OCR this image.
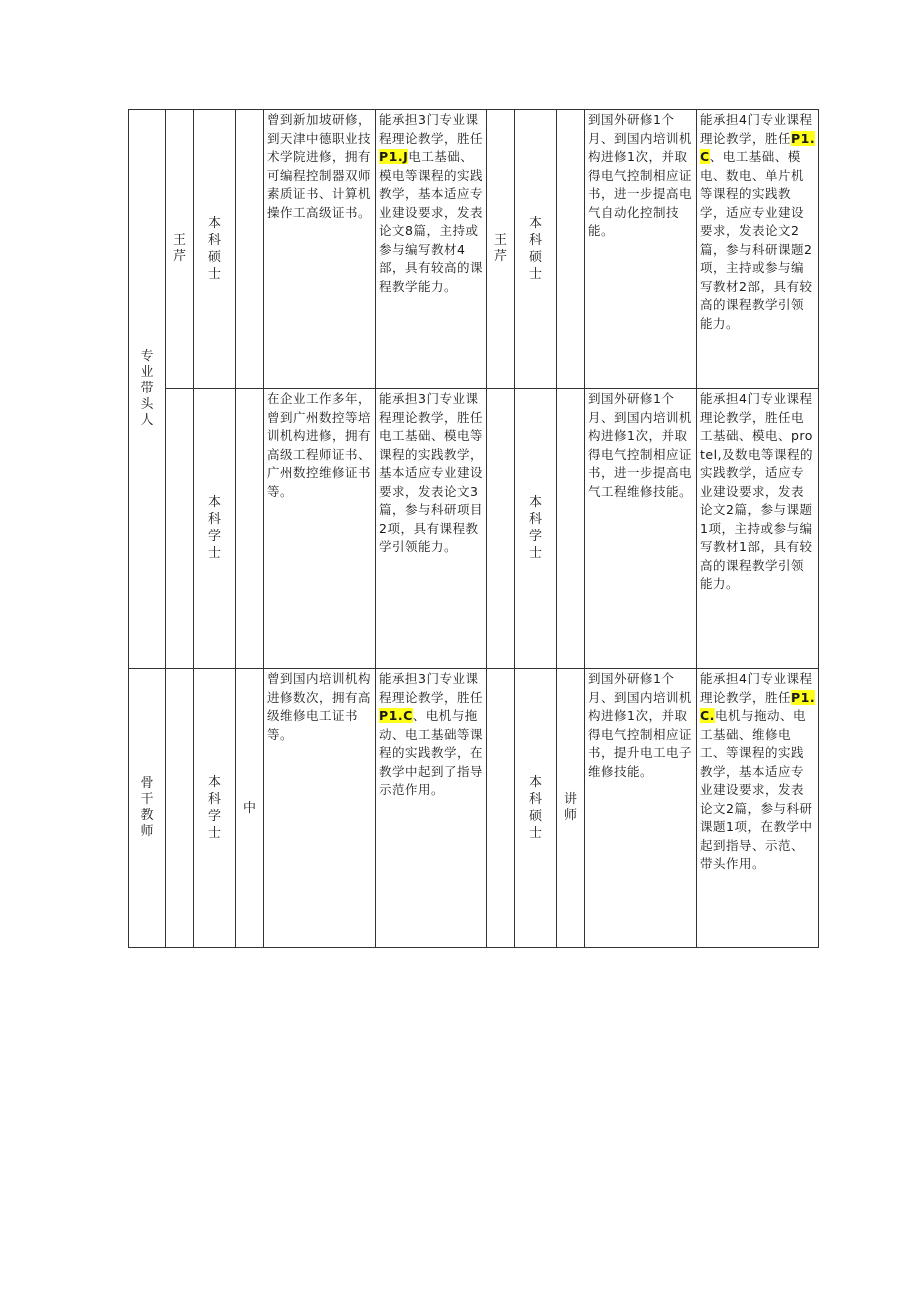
专业带头人	王芹	本科硕士		曾到新加坡研修，到天津中德职业技术学院进修，拥有可编程控制器双师素质证书、计算机操作工高级证书。	能承担3门专业课程理论教学，胜任P1.J电工基础、模电等课程的实践教学，基本适应专业建设要求，发表论文8篇，主持或参与编写教材4部，具有较高的课程教学能力。	王芹	本科硕士		到国外研修1个月、到国内培训机构进修1次，并取得电气控制相应证书，进一步提高电气自动化控制技能。	能承担4门专业课程理论教学，胜任P1.C、电工基础、模电、数电、单片机等课程的实践教学，适应专业建设要求，发表论文2篇，参与科研课题2项，主持或参与编写教材2部，具有较高的课程教学引领能力。
		本科学士		在企业工作多年，曾到广州数控等培训机构进修，拥有高级工程师证书、广州数控维修证书等。	能承担3门专业课程理论教学，胜任电工基础、模电等课程的实践教学，基本适应专业建设要求，发表论文3篇，参与科研项目2项，具有课程教学引领能力。		本科学士		到国外研修1个月、到国内培训机构进修1次，并取得电气控制相应证书，进一步提高电气工程维修技能。	能承担4门专业课程理论教学，胜任电工基础、模电、protel,及数电等课程的实践教学，适应专业建设要求，发表论文2篇，参与课题1项，主持或参与编写教材1部，具有较高的课程教学引领能力。
骨干教师		本科学士	中	曾到国内培训机构进修数次，拥有高级维修电工证书等。	能承担3门专业课程理论教学，胜任P1.C、电机与拖动、电工基础等课程的实践教学，在教学中起到了指导示范作用。		本科硕士	讲师	到国外研修1个月、到国内培训机构进修1次，并取得电气控制相应证书，提升电工电子维修技能。	能承担4门专业课程理论教学，胜任P1.C.电机与拖动、电工基础、维修电工、等课程的实践教学，基本适应专业建设要求，发表论文2篇，参与科研课题1项，在教学中起到指导、示范、带头作用。
